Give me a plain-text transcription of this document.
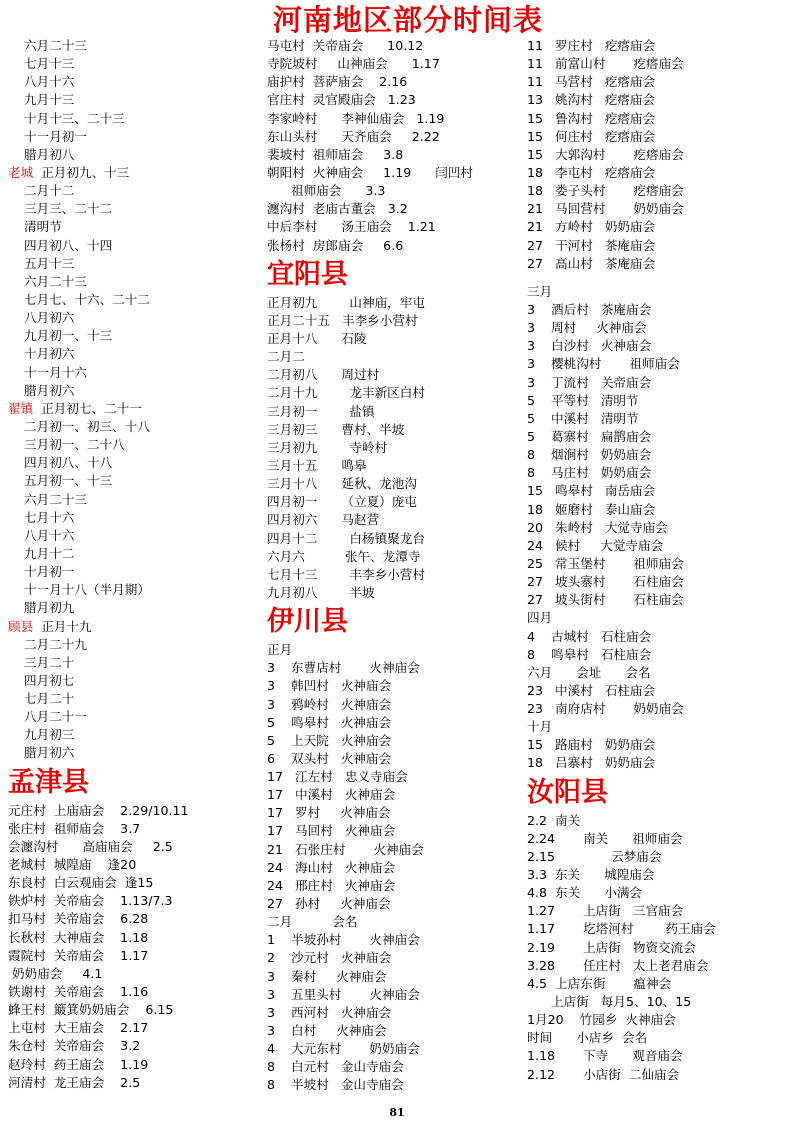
河南地区部分时间表
六月二十三
七月十三
八月十六
九月十三
十月十三、二十三
十一月初一
腊月初八
老城  正月初九、十三
二月十二
三月三、二十二
清明节
四月初八、十四
五月十三
六月二十三
七月七、十六、二十二
八月初六
九月初一、十三
十月初六
十一月十六
腊月初六
翟镇  正月初七、二十一
二月初一、初三、十八
三月初一、二十八
四月初八、十八
五月初一、十三
六月二十三
七月十六
八月十六
九月十二
十月初一
十一月十八（半月期）
腊月初九
顾县  正月十九
二月二十九
三月二十
四月初七
七月二十
八月二十一
九月初三
腊月初六
孟津县
元庄村  上庙庙会    2.29/10.11
张庄村  祖师庙会    3.7
会瀍沟村      高庙庙会     2.5
老城村  城隍庙    逢20
东良村  白云观庙会  逢15
铁炉村  关帝庙会    1.13/7.3
扣马村  关帝庙会    6.28
长秋村  大神庙会    1.18
霞院村  关帝庙会    1.17
奶奶庙会     4.1
铁谢村  关帝庙会    1.16
蜂王村  簸箕奶奶庙会    6.15
上屯村  大王庙会    2.17
朱仓村  关帝庙会    3.2
赵玲村  药王庙会    1.19
河清村  龙王庙会    2.5
马屯村  关帝庙会      10.12
寺院坡村     山神庙会      1.17
庙护村  菩萨庙会    2.16
官庄村  灵官殿庙会   1.23
李家岭村      李神仙庙会   1.19
东山头村      天齐庙会     2.22
裴坡村  祖师庙会     3.8
朝阳村  火神庙会     1.19      闫凹村
祖师庙会      3.3
瀍沟村  老庙古董会   3.2
中后李村      汤王庙会    1.21
张杨村  房郎庙会     6.6
宜阳县
正月初九        山神庙，牢屯
正月二十五   丰李乡小营村
正月十八      石陵
二月二
二月初八      周过村
二月十九        龙丰新区白村
三月初一        盐镇
三月初三      曹村、半坡
三月初九        寺岭村
三月十五      鸣皋
三月十八      延秋、龙池沟
四月初一      （立夏）庞屯
四月初六      马赵营
四月十二        白杨镇聚龙台
六月六          张午、龙潭寺
七月十三        丰李乡小营村
九月初八        半坡
伊川县
正月
3    东曹店村       火神庙会
3    韩凹村   火神庙会
3    鸦岭村   火神庙会
5    鸣皋村   火神庙会
5    上天院   火神庙会
6    双头村   火神庙会
17   江左村   忠义寺庙会
17   中溪村   火神庙会
17   罗村     火神庙会
17   马回村   火神庙会
21   石张庄村       火神庙会
24   海山村   火神庙会
24   邢庄村   火神庙会
27   孙村     火神庙会
二月          会名
1    半坡孙村       火神庙会
2    沙元村   火神庙会
3    秦村     火神庙会
3    五里头村       火神庙会
3    西河村   火神庙会
3    白村     火神庙会
4    大元东村       奶奶庙会
8    白元村   金山寺庙会
8    半坡村   金山寺庙会
11   罗庄村   疙瘩庙会
11   前富山村       疙瘩庙会
11   马营村   疙瘩庙会
13   姚沟村   疙瘩庙会
15   鲁沟村   疙瘩庙会
15   何庄村   疙瘩庙会
15   大郭沟村       疙瘩庙会
18   李屯村   疙瘩庙会
18   娄子头村       疙瘩庙会
21   马回营村       奶奶庙会
21   方岭村   奶奶庙会
27   干河村   茶庵庙会
27   高山村   茶庵庙会
三月
3    酒后村   茶庵庙会
3    周村     火神庙会
3    白沙村   火神庙会
3    樱桃沟村       祖师庙会
3    丁流村   关帝庙会
5    平等村   清明节
5    中溪村   清明节
5    葛寨村   扁鹊庙会
8    烟涧村   奶奶庙会
8    马庄村   奶奶庙会
15   鸣皋村   南岳庙会
18   姬磨村   泰山庙会
20   朱岭村   大觉寺庙会
24   候村     大觉寺庙会
25   常玉堡村       祖师庙会
27   坡头寨村       石柱庙会
27   坡头街村       石柱庙会
四月
4    古城村   石柱庙会
8    鸣皋村   石柱庙会
六月      会址      会名
23   中溪村   石柱庙会
23   南府店村       奶奶庙会
十月
15   路庙村   奶奶庙会
18   吕寨村   奶奶庙会
汝阳县
2.2  南关
2.24       南关      祖师庙会
2.15              云梦庙会
3.3  东关      城隍庙会
4.8  东关      小满会
1.27       上店街   三官庙会
1.17       圪塔河村        药王庙会
2.19       上店街   物资交流会
3.28       任庄村   太上老君庙会
4.5  上店东街       瘟神会
上店街   每月5、10、15
1月20    竹园乡  火神庙会
时间      小店乡  会名
1.18       下寺      观音庙会
2.12       小店街  二仙庙会
81
